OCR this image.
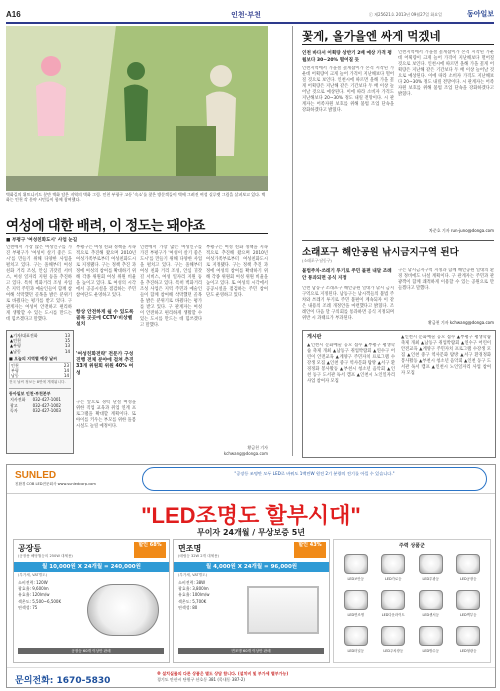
A16	인천·부천	ⓒ 제25621호 2013년 09월27일 화요일	동아일보
벽화길의 위트니키드 분만 벽화 담은 지역의 벽화 그림. 인천 부평구 고등 '숙소'를 찾은 방문객들이 벽에 그려진 여성 실루엣 그림을 살펴보고 있다. 벽화는 인천 각 분야 시민들이 함께 참여했다.
여성에 대한 배려, 이 정도는 돼야죠
■ 부평구 '여성친화도시' 사업 눈길
인천에서 가장 많은 여성인구를 가진 부평구가 '여성이 살기 좋은 도시'를 만들기 위해 다양한 사업을 펼치고 있다. 구는 올해부터 여성 친화 거리 조성, 안심 귀갓길 서비스, 여성 일자리 지원 등을 추진하고 있다. 특히 벽화거리 조성 사업은 지역 주민과 예술인들이 함께 참여해 삭막했던 골목을 밝은 분위기로 바꿨다는 평가를 받고 있다. 구 관계자는 여성이 안전하고 편리하게 생활할 수 있는 도시를 만드는 데 힘쓰겠다고 말했다.
▲기자/대표전화	13
▲인천	15
▲부평	13
▲남동	14
■ 오늘의 지역별 예상 날씨
인천	23
부평	14
남동	14
전국 날씨 정보는 8면에 게재됩니다.
동아일보 인천·부천본부
지사전화	032-427-1001
광고	032-427-1002
독자	032-427-1003
부평구는 여성 친화 정책을 지속적으로 추진해 왔으며 2010년 여성가족부로부터 여성친화도시로 지정됐다. 구는 정책 추진 과정에 여성의 참여를 확대하기 위해 각종 위원회 여성 위원 비율을 높이고 있다. 또 여성의 시각에서 공공시설을 점검하는 주민 참여단도 운영하고 있다.
항상 안전하게 쉴 수 있도록 골목 곳곳에 CCTV·비상벨 설치
'여성친화전략' 전문가 구성 진행 전체 분야에 걸쳐 추진 33개 위원회 위원 40% 여성
구는 앞으로 경력 단절 여성을 위한 직업 교육과 취업 연계 프로그램을 확대할 계획이다. 또 아이를 키우는 부모를 위한 돌봄 시설도 늘릴 예정이다.
인천에서 가장 많은 여성인구를 가진 부평구가 '여성이 살기 좋은 도시'를 만들기 위해 다양한 사업을 펼치고 있다. 구는 올해부터 여성 친화 거리 조성, 안심 귀갓길 서비스, 여성 일자리 지원 등을 추진하고 있다. 특히 벽화거리 조성 사업은 지역 주민과 예술인들이 함께 참여해 삭막했던 골목을 밝은 분위기로 바꿨다는 평가를 받고 있다. 구 관계자는 여성이 안전하고 편리하게 생활할 수 있는 도시를 만드는 데 힘쓰겠다고 말했다.
부평구는 여성 친화 정책을 지속적으로 추진해 왔으며 2010년 여성가족부로부터 여성친화도시로 지정됐다. 구는 정책 추진 과정에 여성의 참여를 확대하기 위해 각종 위원회 여성 위원 비율을 높이고 있다. 또 여성의 시각에서 공공시설을 점검하는 주민 참여단도 운영하고 있다.
황금천 기자 kchwang@donga.com
꽃게, 올가을엔 싸게 먹겠네
인천 바다서 어획량 상반기 2배 예상 가격 평월보다 30~20% 떨어질 듯
인천지역에서 가을철 꽃게잡이가 본격 시작된 가운데 어획량이 크게 늘어 가격이 지난해보다 떨어질 것으로 보인다. 인천시에 따르면 올해 가을 꽃게 어획량은 지난해 같은 기간보다 두 배 이상 늘어날 것으로 예상된다. 이에 따라 소비자 가격도 지난해보다 20~30% 정도 내릴 전망이다. 시 관계자는 어족자원 보호를 위해 불법 조업 단속을 강화하겠다고 밝혔다.
인천지역에서 가을철 꽃게잡이가 본격 시작된 가운데 어획량이 크게 늘어 가격이 지난해보다 떨어질 것으로 보인다. 인천시에 따르면 올해 가을 꽃게 어획량은 지난해 같은 기간보다 두 배 이상 늘어날 것으로 예상된다. 이에 따라 소비자 가격도 지난해보다 20~30% 정도 내릴 전망이다. 시 관계자는 어족자원 보호를 위해 불법 조업 단속을 강화하겠다고 밝혔다.
차준호 기자 run-juno@donga.com
소래포구 해안공원 낚시금지구역 된다
(소래포구·남동구)
불법주차·쓰레기 투기로 주민 불편 내달 조례안 통과되면 공식 지정
인천 남동구 소래포구 해안공원 일대가 낚시 금지구역으로 지정된다. 남동구는 낚시객들의 불법 주차와 쓰레기 투기로 주민 불편이 계속되자 이 같은 내용의 조례 개정안을 마련했다고 밝혔다. 조례안이 다음 달 구의회를 통과하면 공식 지정되며 위반 시 과태료가 부과된다.
구는 낚시금지구역 지정과 함께 해안공원 일대의 환경 정비에도 나설 계획이다. 구 관계자는 주민과 관광객이 함께 쾌적하게 이용할 수 있는 공원으로 만들겠다고 말했다.
황금천 기자 kchwang@donga.com
게시판
▲인천시 문화예술 공모 접수 ▲부평구 평생학습 축제 개최 ▲남동구 취업박람회 ▲연수구 어린이 안전교육 ▲계양구 주민자치 프로그램 수강생 모집 ▲인천 중구 역사문화 탐방 ▲서구 환경정화 봉사활동 ▲부천시 청소년 음악회 ▲인천 동구 도서관 독서 캠프 ▲인천시 노인일자리 사업 참여자 모집
▲인천시 문화예술 공모 접수 ▲부평구 평생학습 축제 개최 ▲남동구 취업박람회 ▲연수구 어린이 안전교육 ▲계양구 주민자치 프로그램 수강생 모집 ▲인천 중구 역사문화 탐방 ▲서구 환경정화 봉사활동 ▲부천시 청소년 음악회 ▲인천 동구 도서관 독서 캠프 ▲인천시 노인일자리 사업 참여자 모집
SUNLED
친환경 COB LED전문회사 www.sunledcorp.com
"공장등 조명만 모두 LED로 바꿔도 1백만W 원전 2기 분량의 전기를 아낄 수 있습니다."
"LED조명도 할부시대"
무이자 24개월 / 무상보증 5년
공장등
(공장용 해당월등의 250W 대체용)
할인 68%
월 10,000원 X 24개월 = 240,000원
(부가세, VAT별도)
소비전력: 120W
광효율: 9,600lm
유효율: 120lm/w
색온도: 5,500~6,500K
연색성: 75
공장등 60개 이상만 판매
면조명
(매립등 32W 2개 대체용)
할인 43%
월 4,000원 X 24개월 = 96,000원
(부가세, VAT별도)
소비전력: 38W
광효율: 3,800lm
유효율: 100lm/w
색온도: 5,700K
연색성: 80
면조명 60개 이상만 판매
주력 상품군
LED보안등	LED가로등	LED투광등	LED공장등
LED면조명	LED다운라이트	LED센서등	LED벽부등
LED터널등	LED주차장등	LED방수등	LED형광등
문의전화: 1670-5830
※ 설치실물의 다른 상품은 별도 상담 합니다. (설치비 및 부가세 별부가능)
경기도 안산시 단원구 산호동 381 (목내동 387-2)
